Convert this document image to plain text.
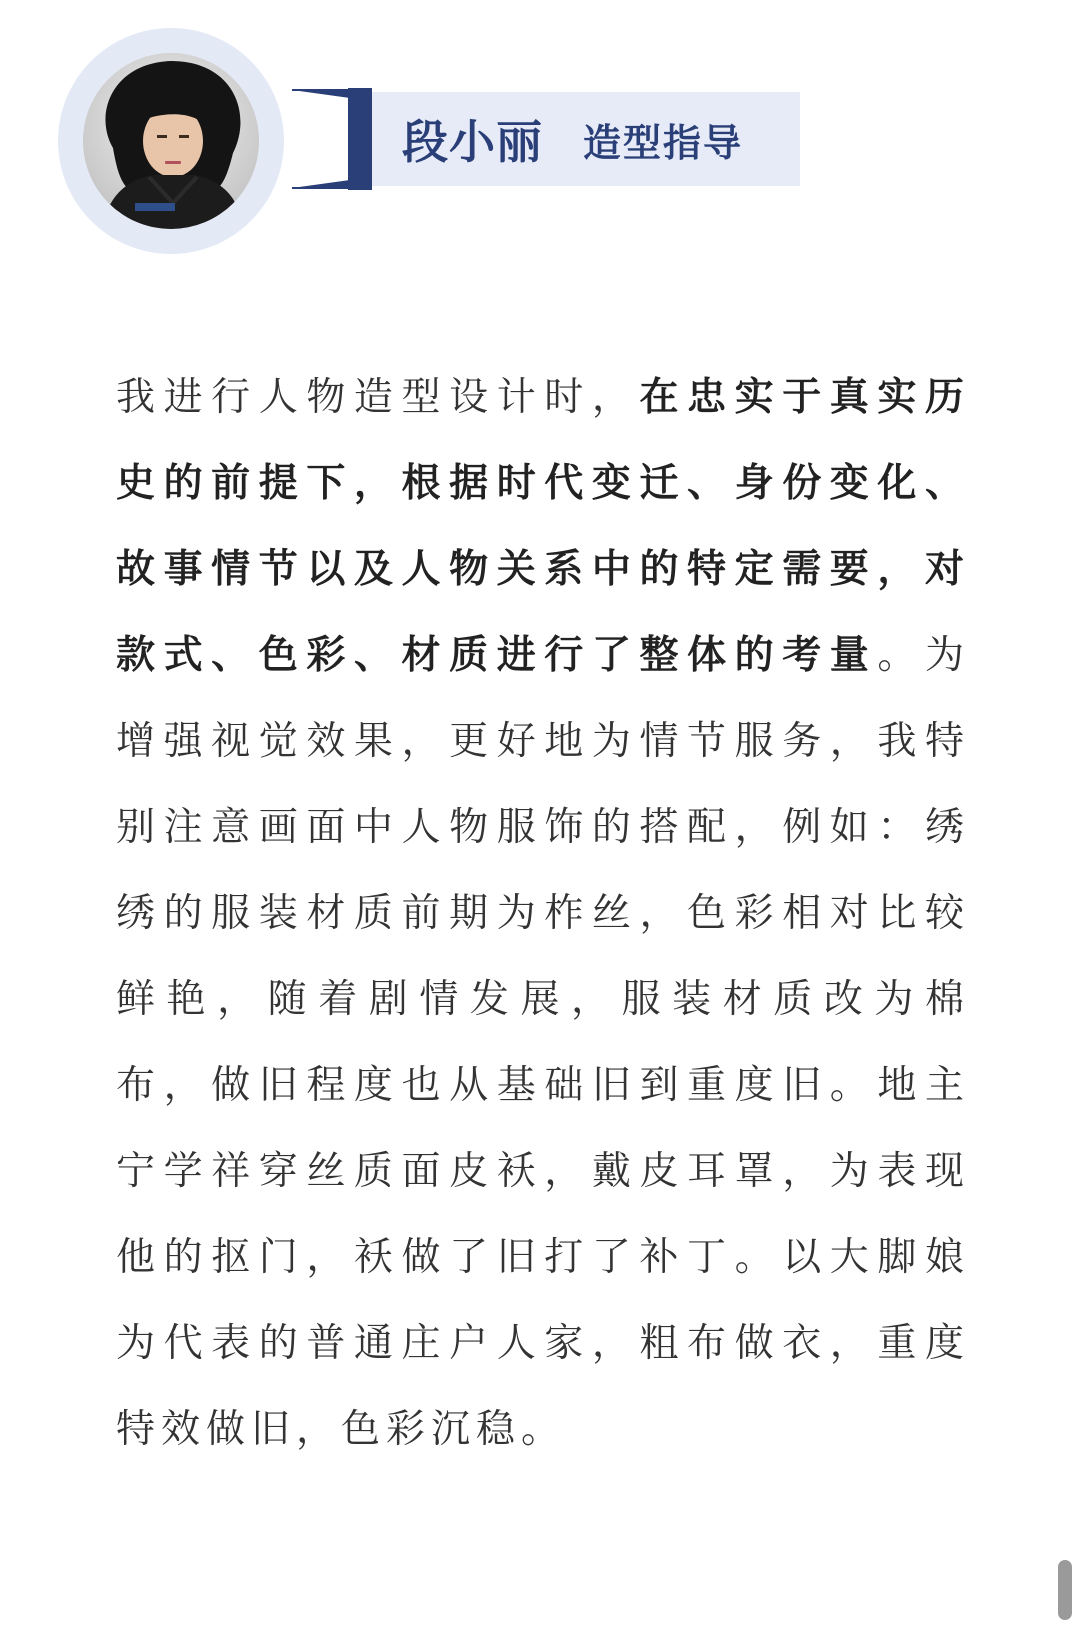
段小丽 造型指导

我进行人物造型设计时，在忠实于真实历史的前提下，根据时代变迁、身份变化、故事情节以及人物关系中的特定需要，对款式、色彩、材质进行了整体的考量。为增强视觉效果，更好地为情节服务，我特别注意画面中人物服饰的搭配，例如：绣绣的服装材质前期为柞丝，色彩相对比较鲜艳，随着剧情发展，服装材质改为棉布，做旧程度也从基础旧到重度旧。地主宁学祥穿丝质面皮袄，戴皮耳罩，为表现他的抠门，袄做了旧打了补丁。以大脚娘为代表的普通庄户人家，粗布做衣，重度特效做旧，色彩沉稳。
